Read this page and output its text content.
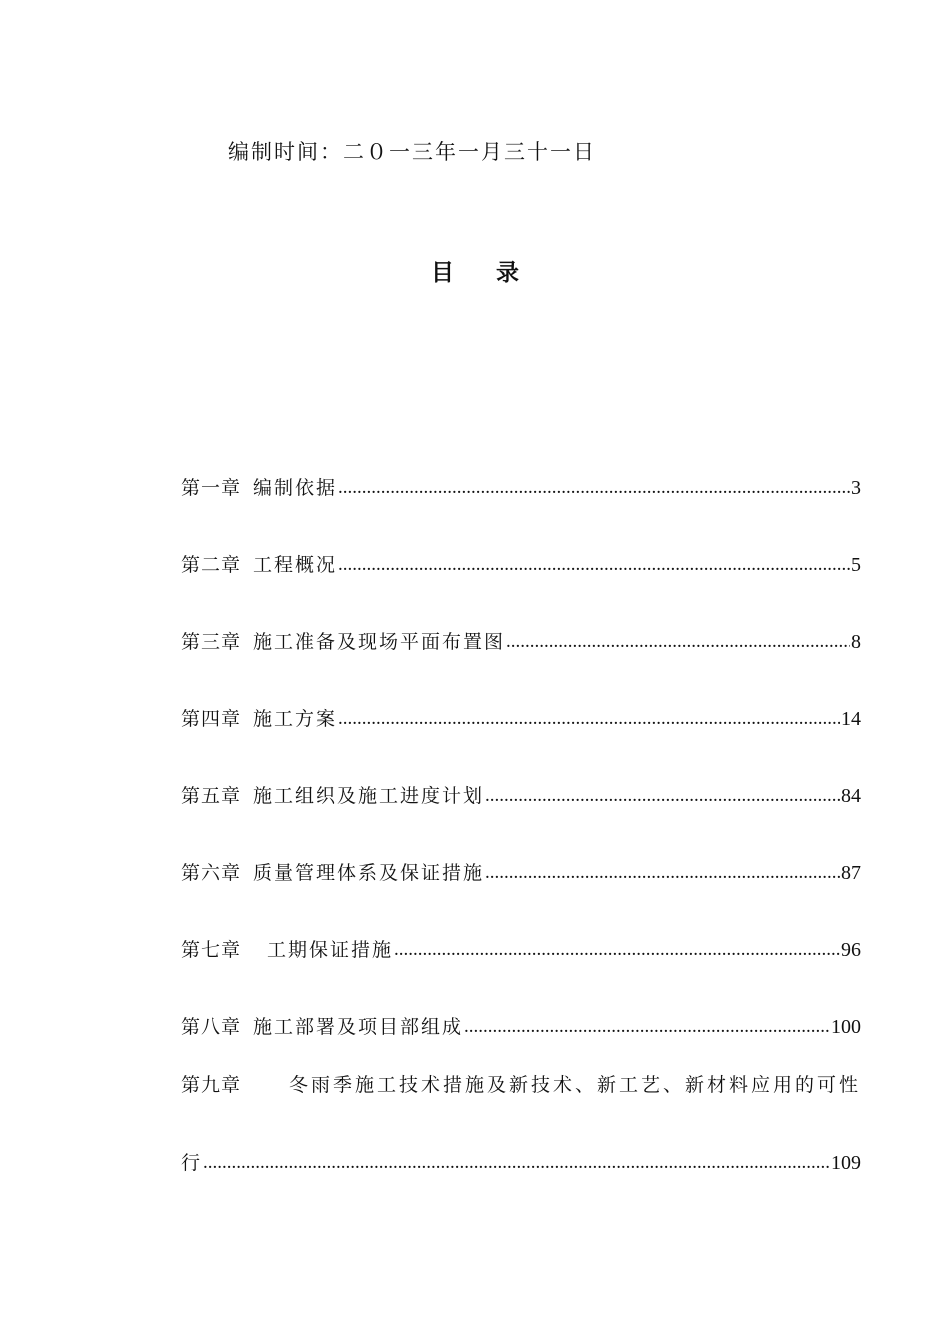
编制时间：二０一三年一月三十一日
目 录
第一章 编制依据 .....	3
第二章 工程概况 .....	5
第三章 施工准备及现场平面布置图 .....	8
第四章 施工方案 .....	14
第五章 施工组织及施工进度计划 .....	84
第六章 质量管理体系及保证措施 .....	87
第七章 工期保证措施 .....	96
第八章 施工部署及项目部组成 .....	100
第九章	冬雨季施工技术措施及新技术、新工艺、新材料应用的可性
行 .....	109
